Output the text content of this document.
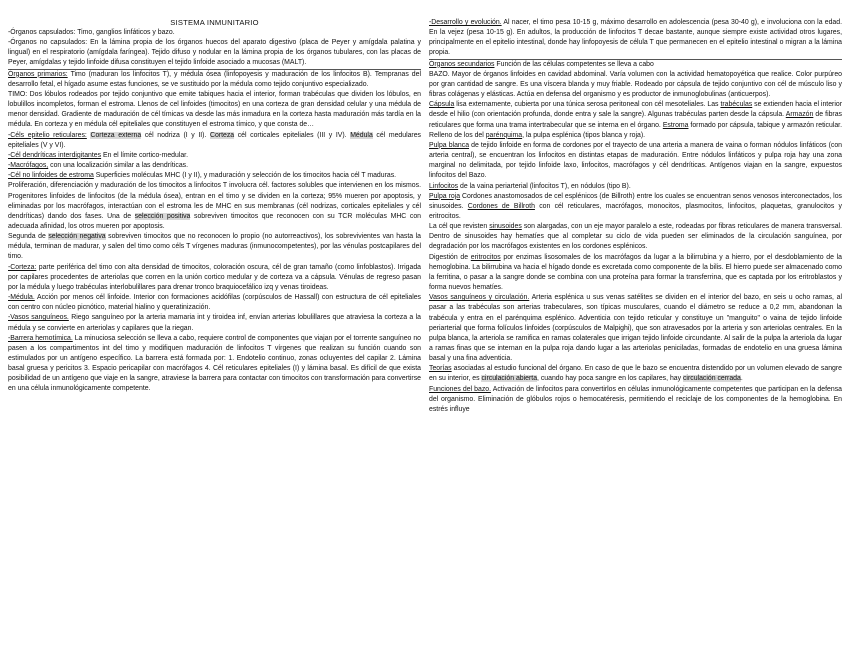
SISTEMA INMUNITARIO

-Órganos capsulados: Timo, ganglios linfáticos y bazo.

-Órganos no capsulados: En la lámina propia de los órganos huecos del aparato digestivo (placa de Peyer y amígdala palatina y lingual) en el respiratorio (amígdala faríngea). Tejido difuso y nodular en la lámina propia de los órganos tubulares, con las placas de Peyer, amígdalas y tejido linfoide difusa constituyen el tejido linfoide asociado a mucosas (MALT).

Órganos primarios: Timo (maduran los linfocitos T), y médula ósea (linfopoyesis y maduración de los linfocitos B). Tempranas del desarrollo fetal, el hígado asume estas funciones, se ve sustituido por la médula como tejido conjuntivo especializado.

TIMO: Dos lóbulos rodeados por tejido conjuntivo que emite tabiques hacia el interior, forman trabéculas que dividen los lóbulos, en lobulillos incompletos, forman el estroma. Llenos de cel linfoides (timocitos) en una corteza de gran densidad celular y una médula de menor densidad. Gradiente de maduración de cél tímicas va desde las más inmadura en la corteza hasta maduración más tardía en la médula. En corteza y en médula cél epiteliales que constituyen el estroma tímico, y que consta de…

-Céls epitelio reticulares: Corteza externa cél nodriza (I y II). Corteza cél corticales epiteliales (III y IV). Médula cél medulares epiteliales (V y VI).

-Cél dendríticas interdigitantes En el límite cortico-medular.

-Macrófagos, con una localización similar a las dendríticas.

-Cél no linfoides de estroma Superficies moléculas MHC (I y II), y maduración y selección de los timocitos hacia cél T maduras.

Proliferación, diferenciación y maduración de los timocitos a linfocitos T involucra cél. factores solubles que intervienen en los mismos. Progenitores linfoides de linfocitos (de la médula ósea), entran en el timo y se dividen en la corteza; 95% mueren por apoptosis, y eliminadas por los macrófagos, interactúan con el estroma les de MHC en sus membranas (cél nodrizas, corticales epiteliales y cél dendríticas) dando dos fases. Una de selección positiva sobreviven timocitos que reconocen con su TCR moléculas MHC con adecuada afinidad, los otros mueren por apoptosis.

Segunda de selección negativa sobreviven timocitos que no reconocen lo propio (no autorreactivos), los sobrevivientes van hasta la médula, terminan de madurar, y salen del timo como céls T vírgenes maduras (inmunocompetentes), por las vénulas postcapilares del timo.

-Corteza: parte periférica del timo con alta densidad de timocitos, coloración oscura, cél de gran tamaño (como linfoblastos). Irrigada por capilares procedentes de arteriolas que corren en la unión cortico medular y de corteza va a cápsula. Vénulas de regreso pasan por la médula y luego trabéculas interlobulillares para drenar tronco braquiocefálico izq y venas tiroideas.

-Médula. Acción por menos cél linfoide. Interior con formaciones acidófilas (corpúsculos de Hassall) con estructura de cél epiteliales con centro con núcleo picnótico, material hialino y queratinización.

-Vasos sanguíneos. Riego sanguíneo por la arteria mamaria int y tiroidea inf, envían arterias lobulillares que atraviesa la corteza a la médula y se convierte en arteriolas y capilares que la riegan.

-Barrera hemotímica. La minuciosa selección se lleva a cabo, requiere control de componentes que viajan por el torrente sanguíneo no pasen a los compartimentos int del timo y modifiquen maduración de linfocitos T vírgenes que realizan su función cuando son estimulados por un antígeno específico. La barrera está formada por: 1. Endotelio continuo, zonas ocluyentes del capilar 2. Lámina basal gruesa y pericitos 3. Espacio pericapilar con macrófagos 4. Cél reticulares epiteliales (I) y lámina basal. Es difícil de que exista posibilidad de un antígeno que viaje en la sangre, atraviese la barrera para contactar con timocitos con transformación para convertirse en una célula inmunológicamente competente.

-Desarrollo y evolución. Al nacer, el timo pesa 10-15 g, máximo desarrollo en adolescencia (pesa 30-40 g), e involuciona con la edad. En la vejez (pesa 10-15 g). En adultos, la producción de linfocitos T decae bastante, aunque siempre existe actividad otros lugares, principalmente en el epitelio intestinal, donde hay linfopoyesis de célula T que permanecen en el epitelio intestinal o migran a la lámina propia.

Órganos secundarios Función de las células competentes se lleva a cabo

BAZO. Mayor de órganos linfoides en cavidad abdominal. Varía volumen con la actividad hematopoyética que realice. Color purpúreo por gran cantidad de sangre. Es una víscera blanda y muy friable. Rodeado por cápsula de tejido conjuntivo con cél de músculo liso y fibras colágenas y elásticas. Actúa en defensa del organismo y es productor de inmunoglobulinas (anticuerpos).

Cápsula lisa externamente, cubierta por una túnica serosa peritoneal con cél mesoteliales. Las trabéculas se extienden hacia el interior desde el hilio (con orientación profunda, donde entra y sale la sangre). Algunas trabéculas parten desde la cápsula. Armazón de fibras reticulares que forma una trama intertrabecular que se interna en el órgano. Estroma formado por cápsula, tabique y armazón reticular. Relleno de los del parénquima, la pulpa esplénica (tipos blanca y roja).

Pulpa blanca de tejido linfoide en forma de cordones por el trayecto de una arteria a manera de vaina o forman nódulos linfáticos (con arteria central), se encuentran los linfocitos en distintas etapas de maduración. Entre nódulos linfáticos y pulpa roja hay una zona marginal no delimitada, por tejido linfoide laxo, linfocitos, macrófagos y cél dendríticas. Antígenos viajan en la sangre, expuestos linfocitos del Bazo.

Linfocitos de la vaina periarterial (linfocitos T), en nódulos (tipo B).

Pulpa roja Cordones anastomosados de cel esplénicos (de Billroth) entre los cuales se encuentran senos venosos interconectados, los sinusoides. Cordones de Billroth con cél reticulares, macrófagos, monocitos, plasmocitos, linfocitos, plaquetas, granulocitos y eritrocitos.

La cél que revisten sinusoides son alargadas, con un eje mayor paralelo a este, rodeadas por fibras reticulares de manera transversal. Dentro de sinusoides hay hematíes que al completar su ciclo de vida pueden ser eliminados de la circulación sanguínea, por degradación por los macrófagos existentes en los cordones esplénicos.

Digestión de eritrocitos por enzimas lisosomales de los macrófagos da lugar a la bilirrubina y a hierro, por el desdoblamiento de la hemoglobina. La bilirrubina va hacia el hígado donde es excretada como componente de la bilis. El hierro puede ser almacenado como la ferritina, o pasar a la sangre donde se combina con una proteína para formar la transferrina, que es captada por los eritroblastos y forma nuevos hematíes.

Vasos sanguíneos y circulación. Arteria esplénica u sus venas satélites se dividen en el interior del bazo, en seis u ocho ramas, al pasar a las trabéculas son arterias trabeculares, son típicas musculares, cuando el diámetro se reduce a 0,2 mm, abandonan la trabécula y entra en el parénquima esplénico. Adventicia con tejido reticular y constituye un "manguito" o vaina de tejido linfoide periarterial que forma folículos linfoides (corpúsculos de Malpighi), que son atravesados por la arteria y son arteriolas centrales. En la pulpa blanca, la arteriola se ramifica en ramas colaterales que irrigan tejido linfoide circundante. Al salir de la pulpa la arteriola da lugar a ramas finas que se internan en la pulpa roja dando lugar a las arteriolas peniciladas, formadas de endotelio en una gruesa lámina basal y una fina adventicia.

Teorías asociadas al estudio funcional del órgano. En caso de que le bazo se encuentra distendido por un volumen elevado de sangre en su interior, es circulación abierta, cuando hay poca sangre en los capilares, hay circulación cerrada.

Funciones del bazo. Activación de linfocitos para convertirlos en células inmunológicamente competentes que participan en la defensa del organismo. Eliminación de glóbulos rojos o hemocatéresis, permitiendo el reciclaje de los componentes de la hemoglobina. En estrés influye
